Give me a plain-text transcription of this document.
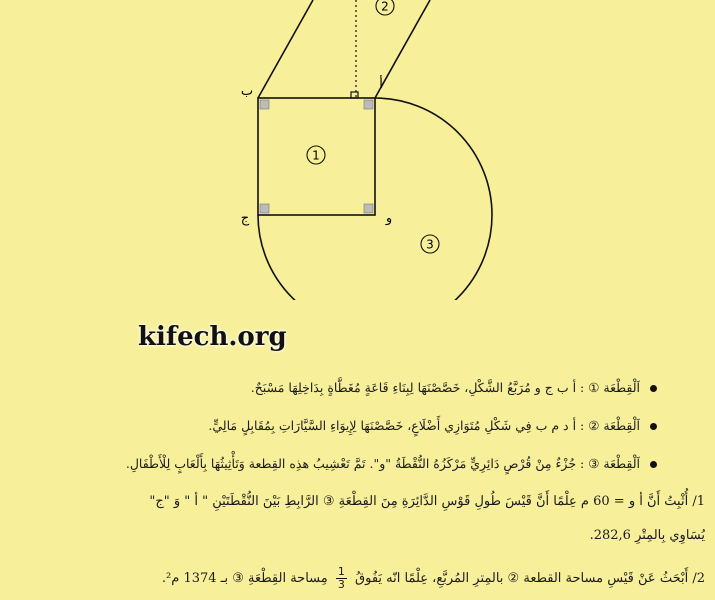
2
1
3
ب	أ
ج	و
kifech.org
اَلْقِطْعَة ① : أ ب ج و مُرَبَّعُ الشَّكْلِ، خَصَّصْنَهَا لِبِنَاءِ قَاعَةٍ مُغَطَّاةٍ بِدَاخِلِهَا مَسْبَحٌ.
اَلْقِطْعَة ② : أ د م ب فِي شَكْلِ مُتَوَازِي أَضْلَاعٍ، خَصَّصْنَهَا لِإِيوَاءِ السَّيَّارَاتِ بِمُقَابِلٍ مَالِيٍّ.
اَلْقِطْعَة ③ : جُزْءٌ مِنْ قُرْصٍ دَائِرِيٍّ مَرْكَزُهُ النُّقْطَةُ "و". تَمَّ تَعْشِيبُ هذِه القِطعة وَتَأْثِيثُهَا بِأَلْعَابٍ لِلْأَطْفَالِ.
1/ أُثْبِتُ أَنَّ أ و = 60 م عِلْمًا أَنَّ قَيْسَ طُولِ قَوْسِ الدَّائِرَةِ مِنَ القِطْعَةِ ③ الرَّابِطِ بَيْنَ النُّقْطَتَيْنِ " أ " وَ "ج"
يُسَاوِي بِالمِتْرِ 282,6.
2/ أَبْحَثُ عَنْ قَيْسِ مساحة القطعة ② بالمِترِ المُربَّعِ، عِلْمًا انّه يَفُوقُ
$\frac{1}{3}$
مِساحة القِطْعَةِ ③ بـ 1374 م².
